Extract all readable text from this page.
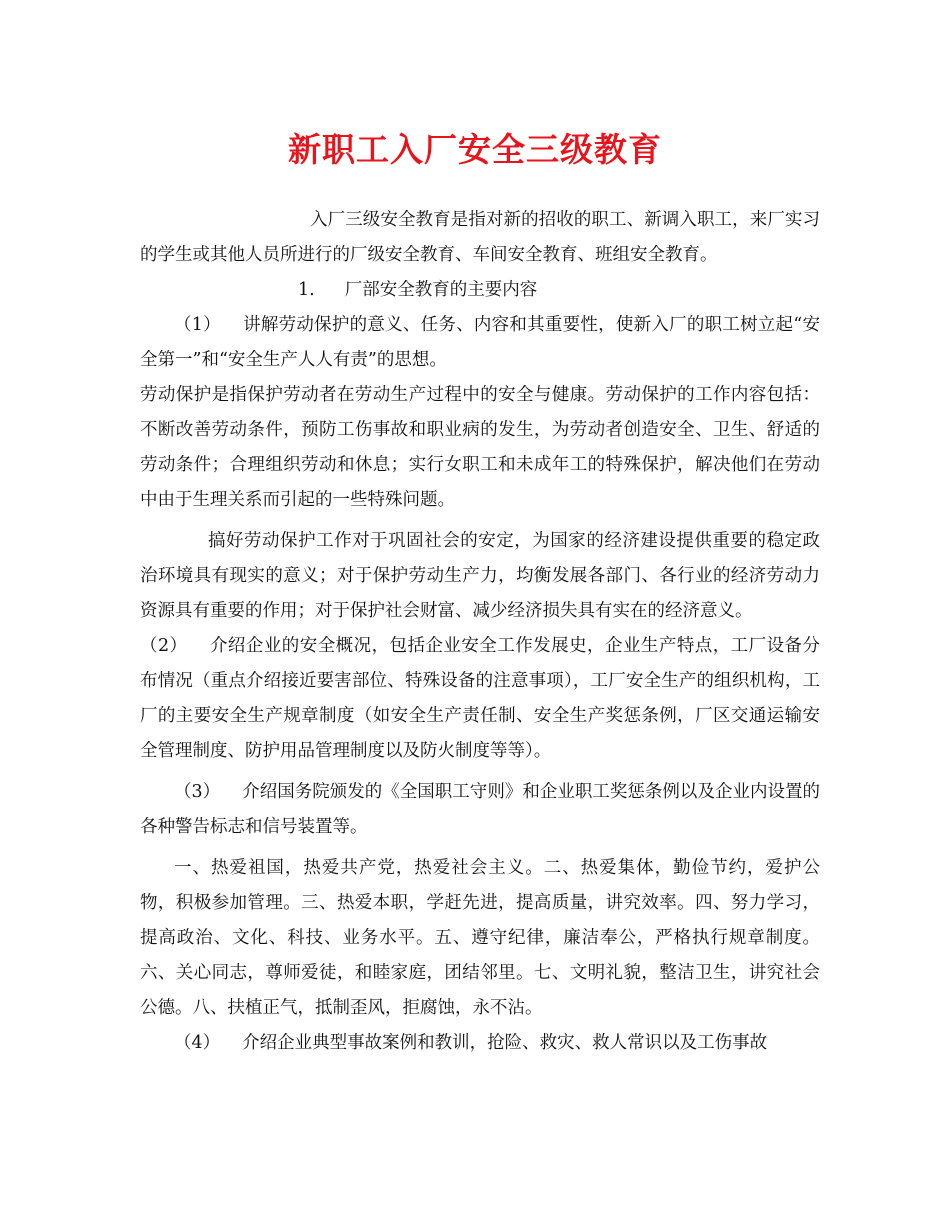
新职工入厂安全三级教育

入厂三级安全教育是指对新的招收的职工、新调入职工，来厂实习的学生或其他人员所进行的厂级安全教育、车间安全教育、班组安全教育。

1. 厂部安全教育的主要内容

（1） 讲解劳动保护的意义、任务、内容和其重要性，使新入厂的职工树立起“安全第一”和“安全生产人人有责”的思想。

劳动保护是指保护劳动者在劳动生产过程中的安全与健康。劳动保护的工作内容包括：不断改善劳动条件，预防工伤事故和职业病的发生，为劳动者创造安全、卫生、舒适的劳动条件；合理组织劳动和休息；实行女职工和未成年工的特殊保护，解决他们在劳动中由于生理关系而引起的一些特殊问题。

搞好劳动保护工作对于巩固社会的安定，为国家的经济建设提供重要的稳定政治环境具有现实的意义；对于保护劳动生产力，均衡发展各部门、各行业的经济劳动力资源具有重要的作用；对于保护社会财富、减少经济损失具有实在的经济意义。

（2） 介绍企业的安全概况，包括企业安全工作发展史，企业生产特点，工厂设备分布情况（重点介绍接近要害部位、特殊设备的注意事项），工厂安全生产的组织机构，工厂的主要安全生产规章制度（如安全生产责任制、安全生产奖惩条例，厂区交通运输安全管理制度、防护用品管理制度以及防火制度等等）。

（3） 介绍国务院颁发的《全国职工守则》和企业职工奖惩条例以及企业内设置的各种警告标志和信号装置等。

一、热爱祖国，热爱共产党，热爱社会主义。二、热爱集体，勤俭节约，爱护公物，积极参加管理。三、热爱本职，学赶先进，提高质量，讲究效率。四、努力学习，提高政治、文化、科技、业务水平。五、遵守纪律，廉洁奉公，严格执行规章制度。六、关心同志，尊师爱徒，和睦家庭，团结邻里。七、文明礼貌，整洁卫生，讲究社会公德。八、扶植正气，抵制歪风，拒腐蚀，永不沾。

（4） 介绍企业典型事故案例和教训，抢险、救灾、救人常识以及工伤事故
